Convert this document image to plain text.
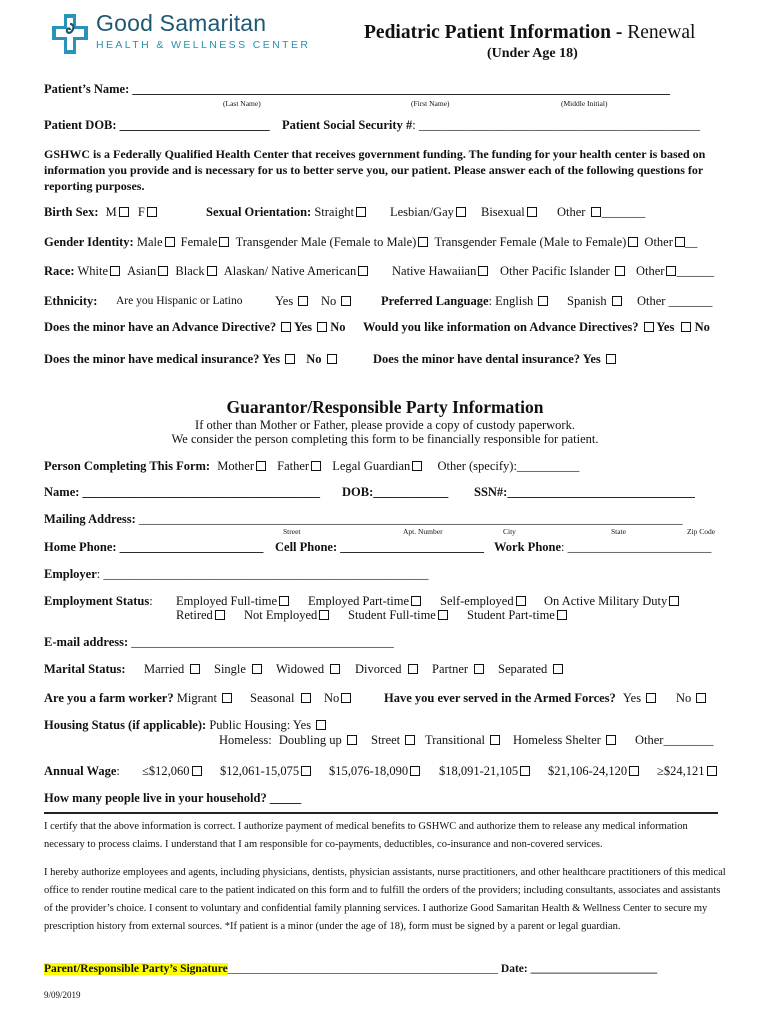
Good Samaritan
HEALTH & WELLNESS CENTER
Pediatric Patient Information - Renewal
(Under Age 18)
Patient’s Name: ______________________________________________________________________________________
(Last Name)	(First Name)	(Middle Initial)
Patient DOB: ________________________ Patient Social Security #: _____________________________________________
GSHWC is a Federally Qualified Health Center that receives government funding. The funding for your health center is based on information you provide and is necessary for us to better serve you, our patient. Please answer each of the following questions for reporting purposes.
Birth Sex: M F	Sexual Orientation: Straight	Lesbian/Gay	Bisexual	Other _______
Gender Identity: Male Female Transgender Male (Female to Male) Transgender Female (Male to Female) Other __
Race: White Asian Black Alaskan/ Native American	Native Hawaiian	Other Pacific Islander	Other ______
Ethnicity: Are you Hispanic or Latino	Yes	No	Preferred Language: English	Spanish	Other _______
Does the minor have an Advance Directive? Yes No Would you like information on Advance Directives? Yes No
Does the minor have medical insurance? Yes No	Does the minor have dental insurance? Yes
Guarantor/Responsible Party Information
If other than Mother or Father, please provide a copy of custody paperwork.
We consider the person completing this form to be financially responsible for patient.
Person Completing This Form: Mother Father Legal Guardian Other (specify):__________
Name: ______________________________________ DOB:____________ SSN#:______________________________
Mailing Address: _______________________________________________________________________________________
Street	Apt. Number	City	State	Zip Code
Home Phone: _______________________ Cell Phone: _______________________ Work Phone: _______________________
Employer: ____________________________________________________
Employment Status: Employed Full-time	Employed Part-time	Self-employed	On Active Military Duty
Retired	Not Employed	Student Full-time	Student Part-time
E-mail address: __________________________________________
Marital Status: Married	Single	Widowed	Divorced	Partner	Separated
Are you a farm worker? Migrant	Seasonal	No	Have you ever served in the Armed Forces? Yes	No
Housing Status (if applicable): Public Housing: Yes
Homeless: Doubling up	Street	Transitional	Homeless Shelter	Other________
Annual Wage: ≤$12,060	$12,061-15,075	$15,076-18,090	$18,091-21,105	$21,106-24,120	≥$24,121
How many people live in your household? _____
I certify that the above information is correct. I authorize payment of medical benefits to GSHWC and authorize them to release any medical information necessary to process claims. I understand that I am responsible for co-payments, deductibles, co-insurance and non-covered services.
I hereby authorize employees and agents, including physicians, dentists, physician assistants, nurse practitioners, and other healthcare practitioners of this medical office to render routine medical care to the patient indicated on this form and to fulfill the orders of the providers; including consultants, associates and assistants of the provider’s choice. I consent to voluntary and confidential family planning services. I authorize Good Samaritan Health & Wellness Center to secure my prescription history from external sources. *If patient is a minor (under the age of 18), form must be signed by a parent or legal guardian.
Parent/Responsible Party’s Signature_______________________________________________ Date: ______________________
9/09/2019
